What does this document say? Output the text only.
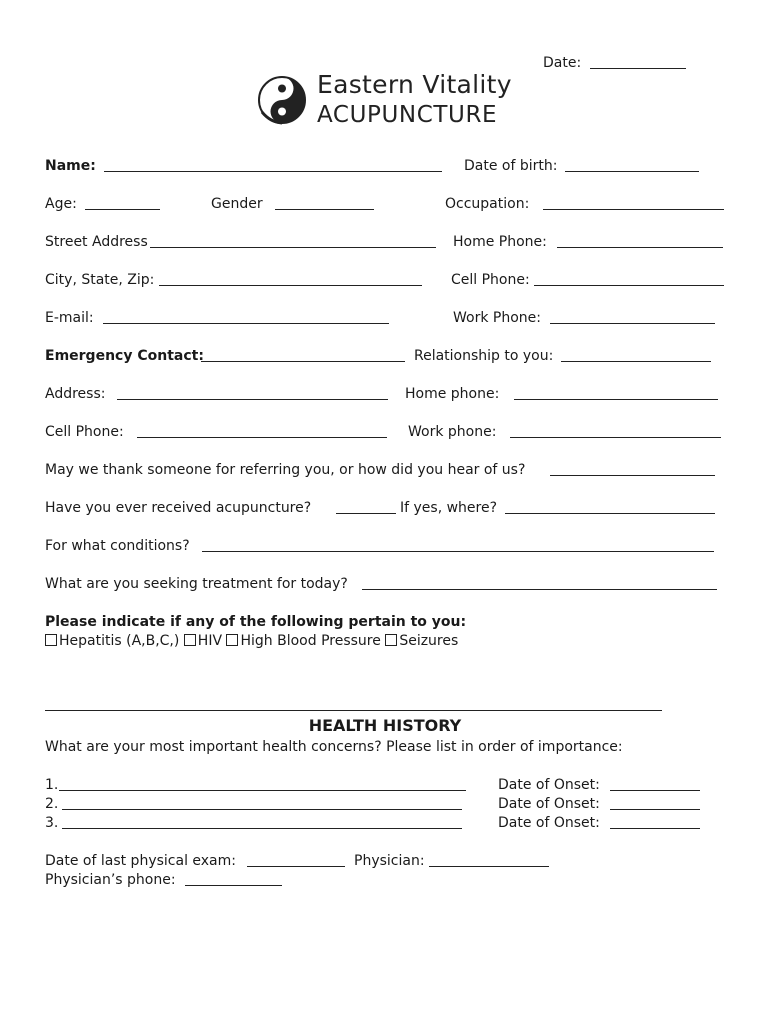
Date:
Eastern Vitality
ACUPUNCTURE
Name:	Date of birth:
Age:	Gender	Occupation:
Street Address	Home Phone:
City, State, Zip:	Cell Phone:
E-mail:	Work Phone:
Emergency Contact:	Relationship to you:
Address:	Home phone:
Cell Phone:	Work phone:
May we thank someone for referring you, or how did you hear of us?
Have you ever received acupuncture?	If yes, where?
For what conditions?
What are you seeking treatment for today?
Please indicate if any of the following pertain to you:
Hepatitis (A,B,C,) HIV High Blood Pressure Seizures
HEALTH HISTORY
What are your most important health concerns? Please list in order of importance:
1.	Date of Onset:
2.	Date of Onset:
3.	Date of Onset:
Date of last physical exam:	Physician:
Physician’s phone:
